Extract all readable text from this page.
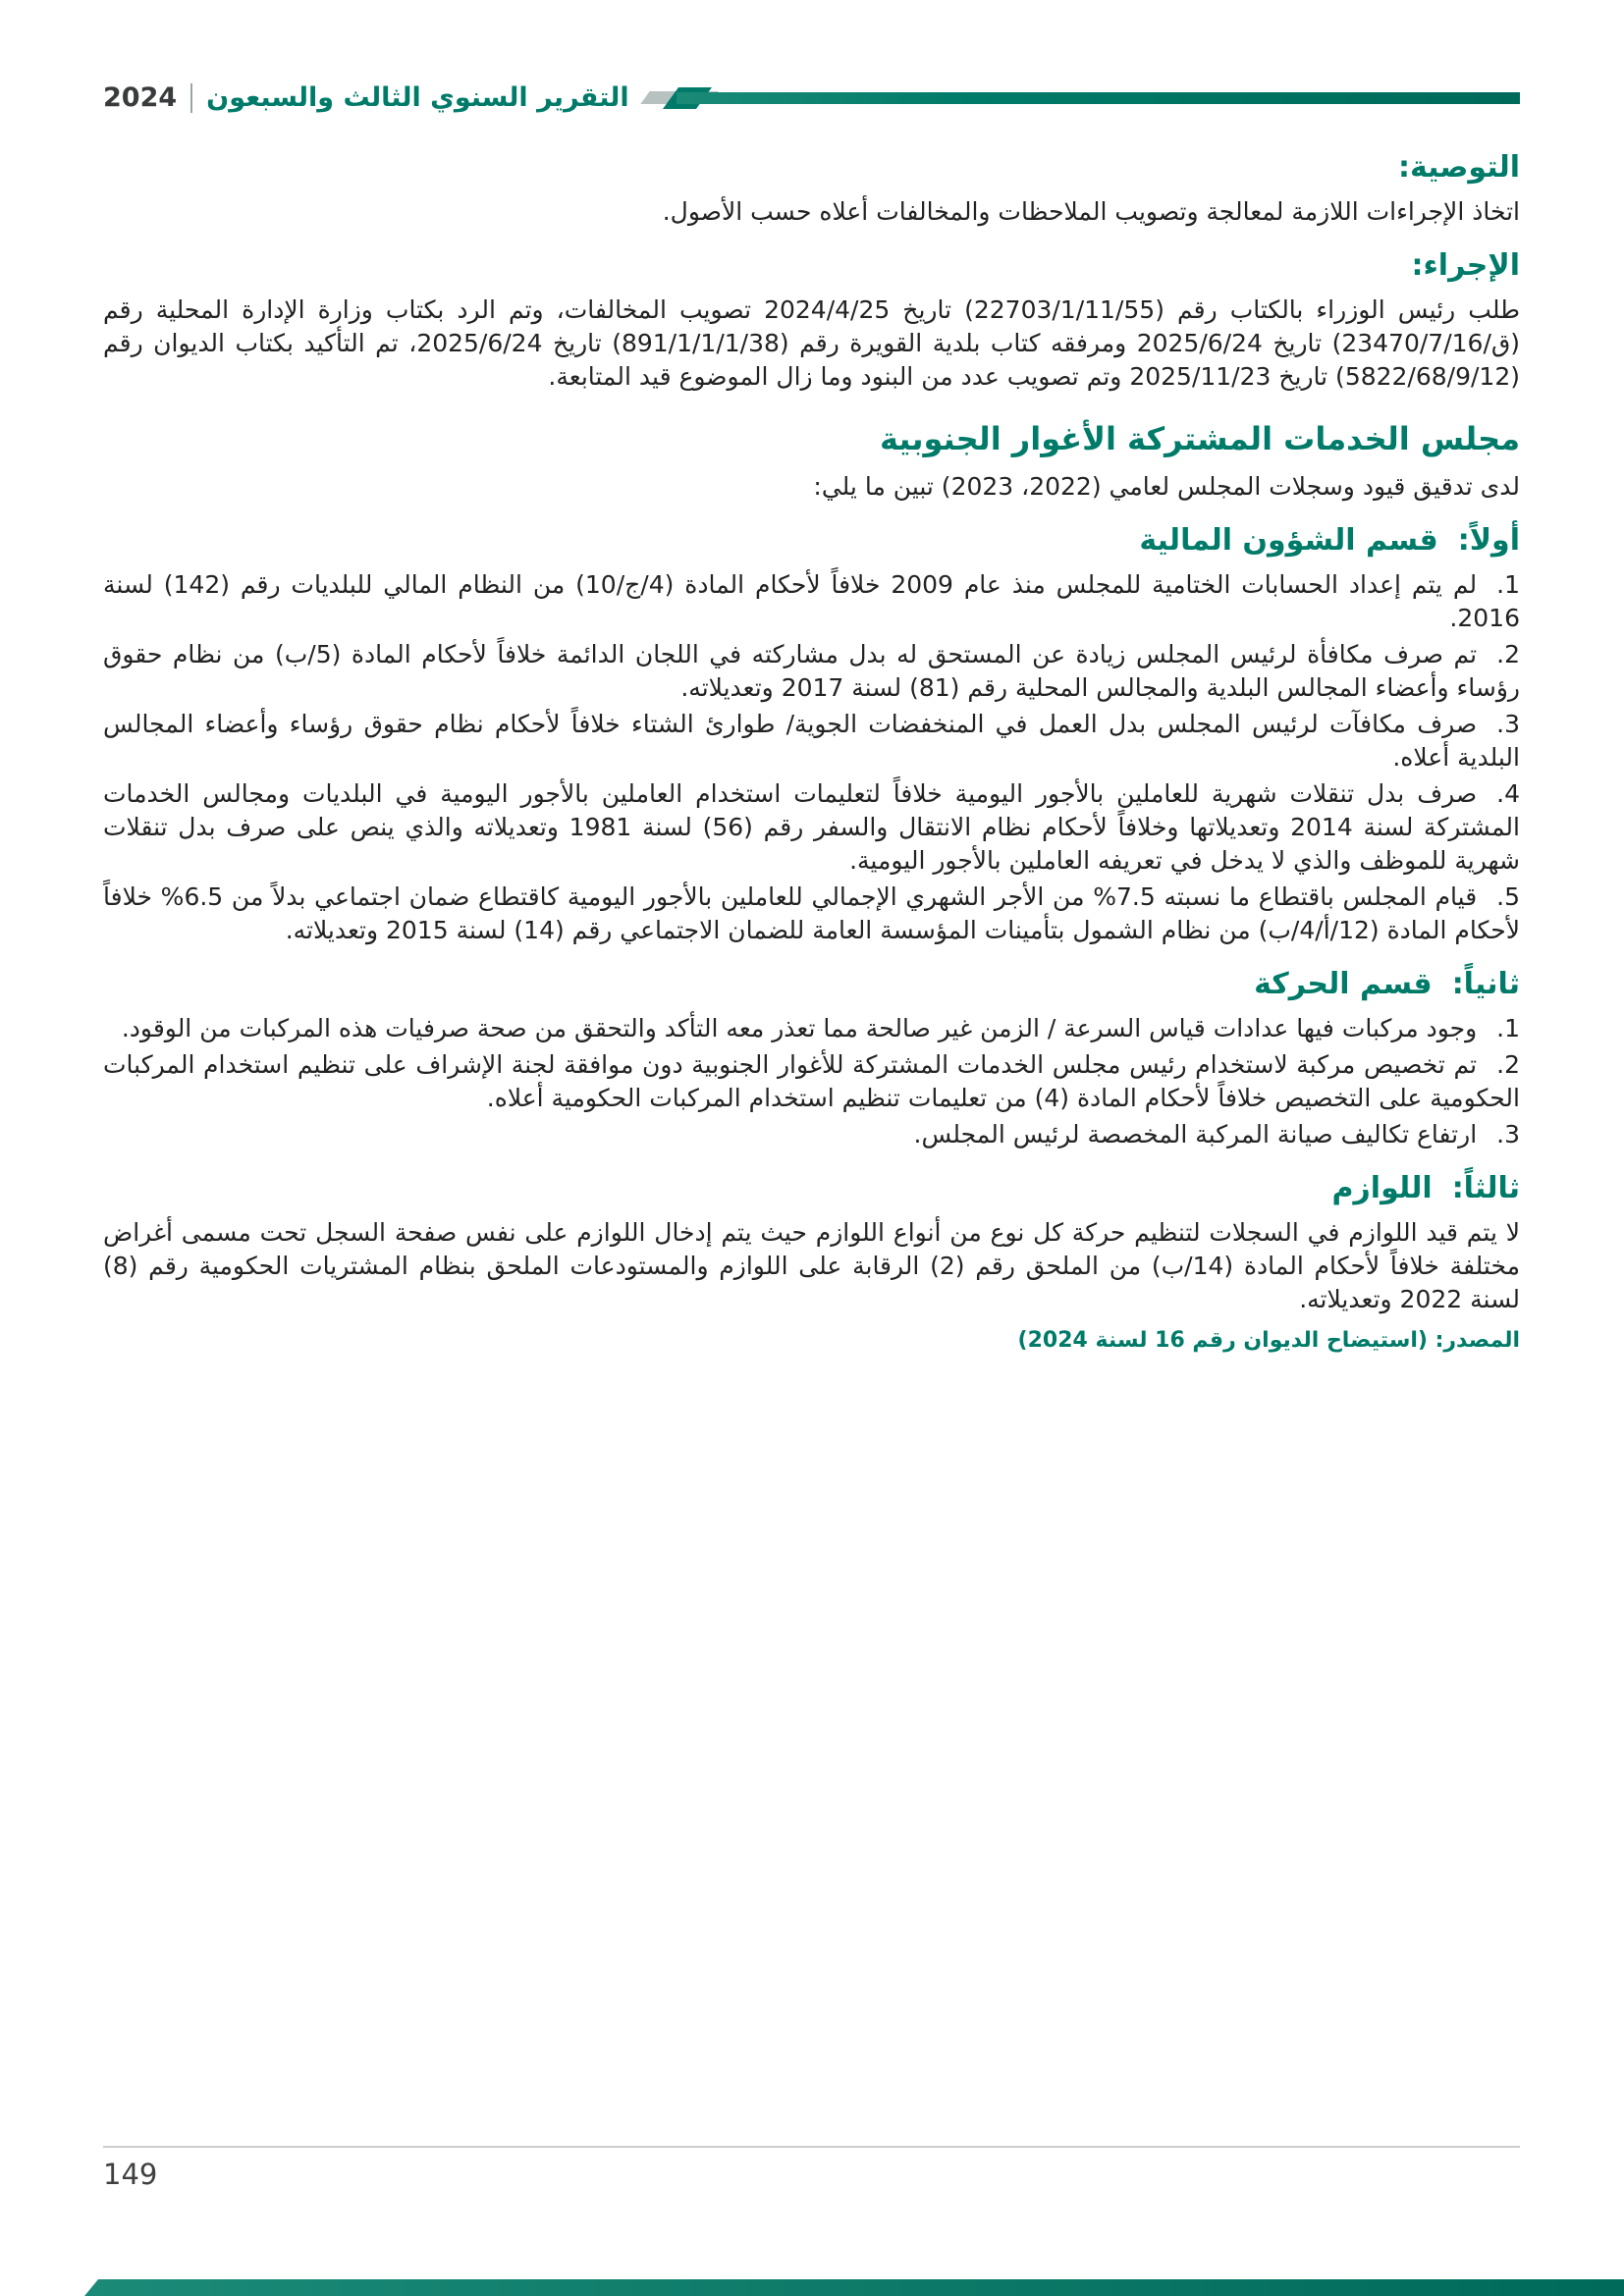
التقرير السنوي الثالث والسبعون
2024
التوصية:

اتخاذ الإجراءات اللازمة لمعالجة وتصويب الملاحظات والمخالفات أعلاه حسب الأصول.

الإجراء:

طلب رئيس الوزراء بالكتاب رقم (22703/1/11/55) تاريخ 2024/4/25 تصويب المخالفات، وتم الرد بكتاب وزارة الإدارة المحلية رقم (ق/23470/7/16) تاريخ 2025/6/24 ومرفقه كتاب بلدية القويرة رقم (891/1/1/1/38) تاريخ 2025/6/24، تم التأكيد بكتاب الديوان رقم (5822/68/9/12) تاريخ 2025/11/23 وتم تصويب عدد من البنود وما زال الموضوع قيد المتابعة.

مجلس الخدمات المشتركة الأغوار الجنوبية

لدى تدقيق قيود وسجلات المجلس لعامي (2022، 2023) تبين ما يلي:

أولاً:قسم الشؤون المالية

1.لم يتم إعداد الحسابات الختامية للمجلس منذ عام 2009 خلافاً لأحكام المادة (4/ج/10) من النظام المالي للبلديات رقم (142) لسنة 2016.

2.تم صرف مكافأة لرئيس المجلس زيادة عن المستحق له بدل مشاركته في اللجان الدائمة خلافاً لأحكام المادة (5/ب) من نظام حقوق رؤساء وأعضاء المجالس البلدية والمجالس المحلية رقم (81) لسنة 2017 وتعديلاته.

3.صرف مكافآت لرئيس المجلس بدل العمل في المنخفضات الجوية/ طوارئ الشتاء خلافاً لأحكام نظام حقوق رؤساء وأعضاء المجالس البلدية أعلاه.

4.صرف بدل تنقلات شهرية للعاملين بالأجور اليومية خلافاً لتعليمات استخدام العاملين بالأجور اليومية في البلديات ومجالس الخدمات المشتركة لسنة 2014 وتعديلاتها وخلافاً لأحكام نظام الانتقال والسفر رقم (56) لسنة 1981 وتعديلاته والذي ينص على صرف بدل تنقلات شهرية للموظف والذي لا يدخل في تعريفه العاملين بالأجور اليومية.

5.قيام المجلس باقتطاع ما نسبته 7.5% من الأجر الشهري الإجمالي للعاملين بالأجور اليومية كاقتطاع ضمان اجتماعي بدلاً من 6.5% خلافاً لأحكام المادة (12/أ/4/ب) من نظام الشمول بتأمينات المؤسسة العامة للضمان الاجتماعي رقم (14) لسنة 2015 وتعديلاته.

ثانياً:قسم الحركة

1.وجود مركبات فيها عدادات قياس السرعة / الزمن غير صالحة مما تعذر معه التأكد والتحقق من صحة صرفيات هذه المركبات من الوقود.

2.تم تخصيص مركبة لاستخدام رئيس مجلس الخدمات المشتركة للأغوار الجنوبية دون موافقة لجنة الإشراف على تنظيم استخدام المركبات الحكومية على التخصيص خلافاً لأحكام المادة (4) من تعليمات تنظيم استخدام المركبات الحكومية أعلاه.

3.ارتفاع تكاليف صيانة المركبة المخصصة لرئيس المجلس.

ثالثاً:اللوازم

لا يتم قيد اللوازم في السجلات لتنظيم حركة كل نوع من أنواع اللوازم حيث يتم إدخال اللوازم على نفس صفحة السجل تحت مسمى أغراض مختلفة خلافاً لأحكام المادة (14/ب) من الملحق رقم (2) الرقابة على اللوازم والمستودعات الملحق بنظام المشتريات الحكومية رقم (8) لسنة 2022 وتعديلاته.

المصدر: (استيضاح الديوان رقم 16 لسنة 2024)

149
